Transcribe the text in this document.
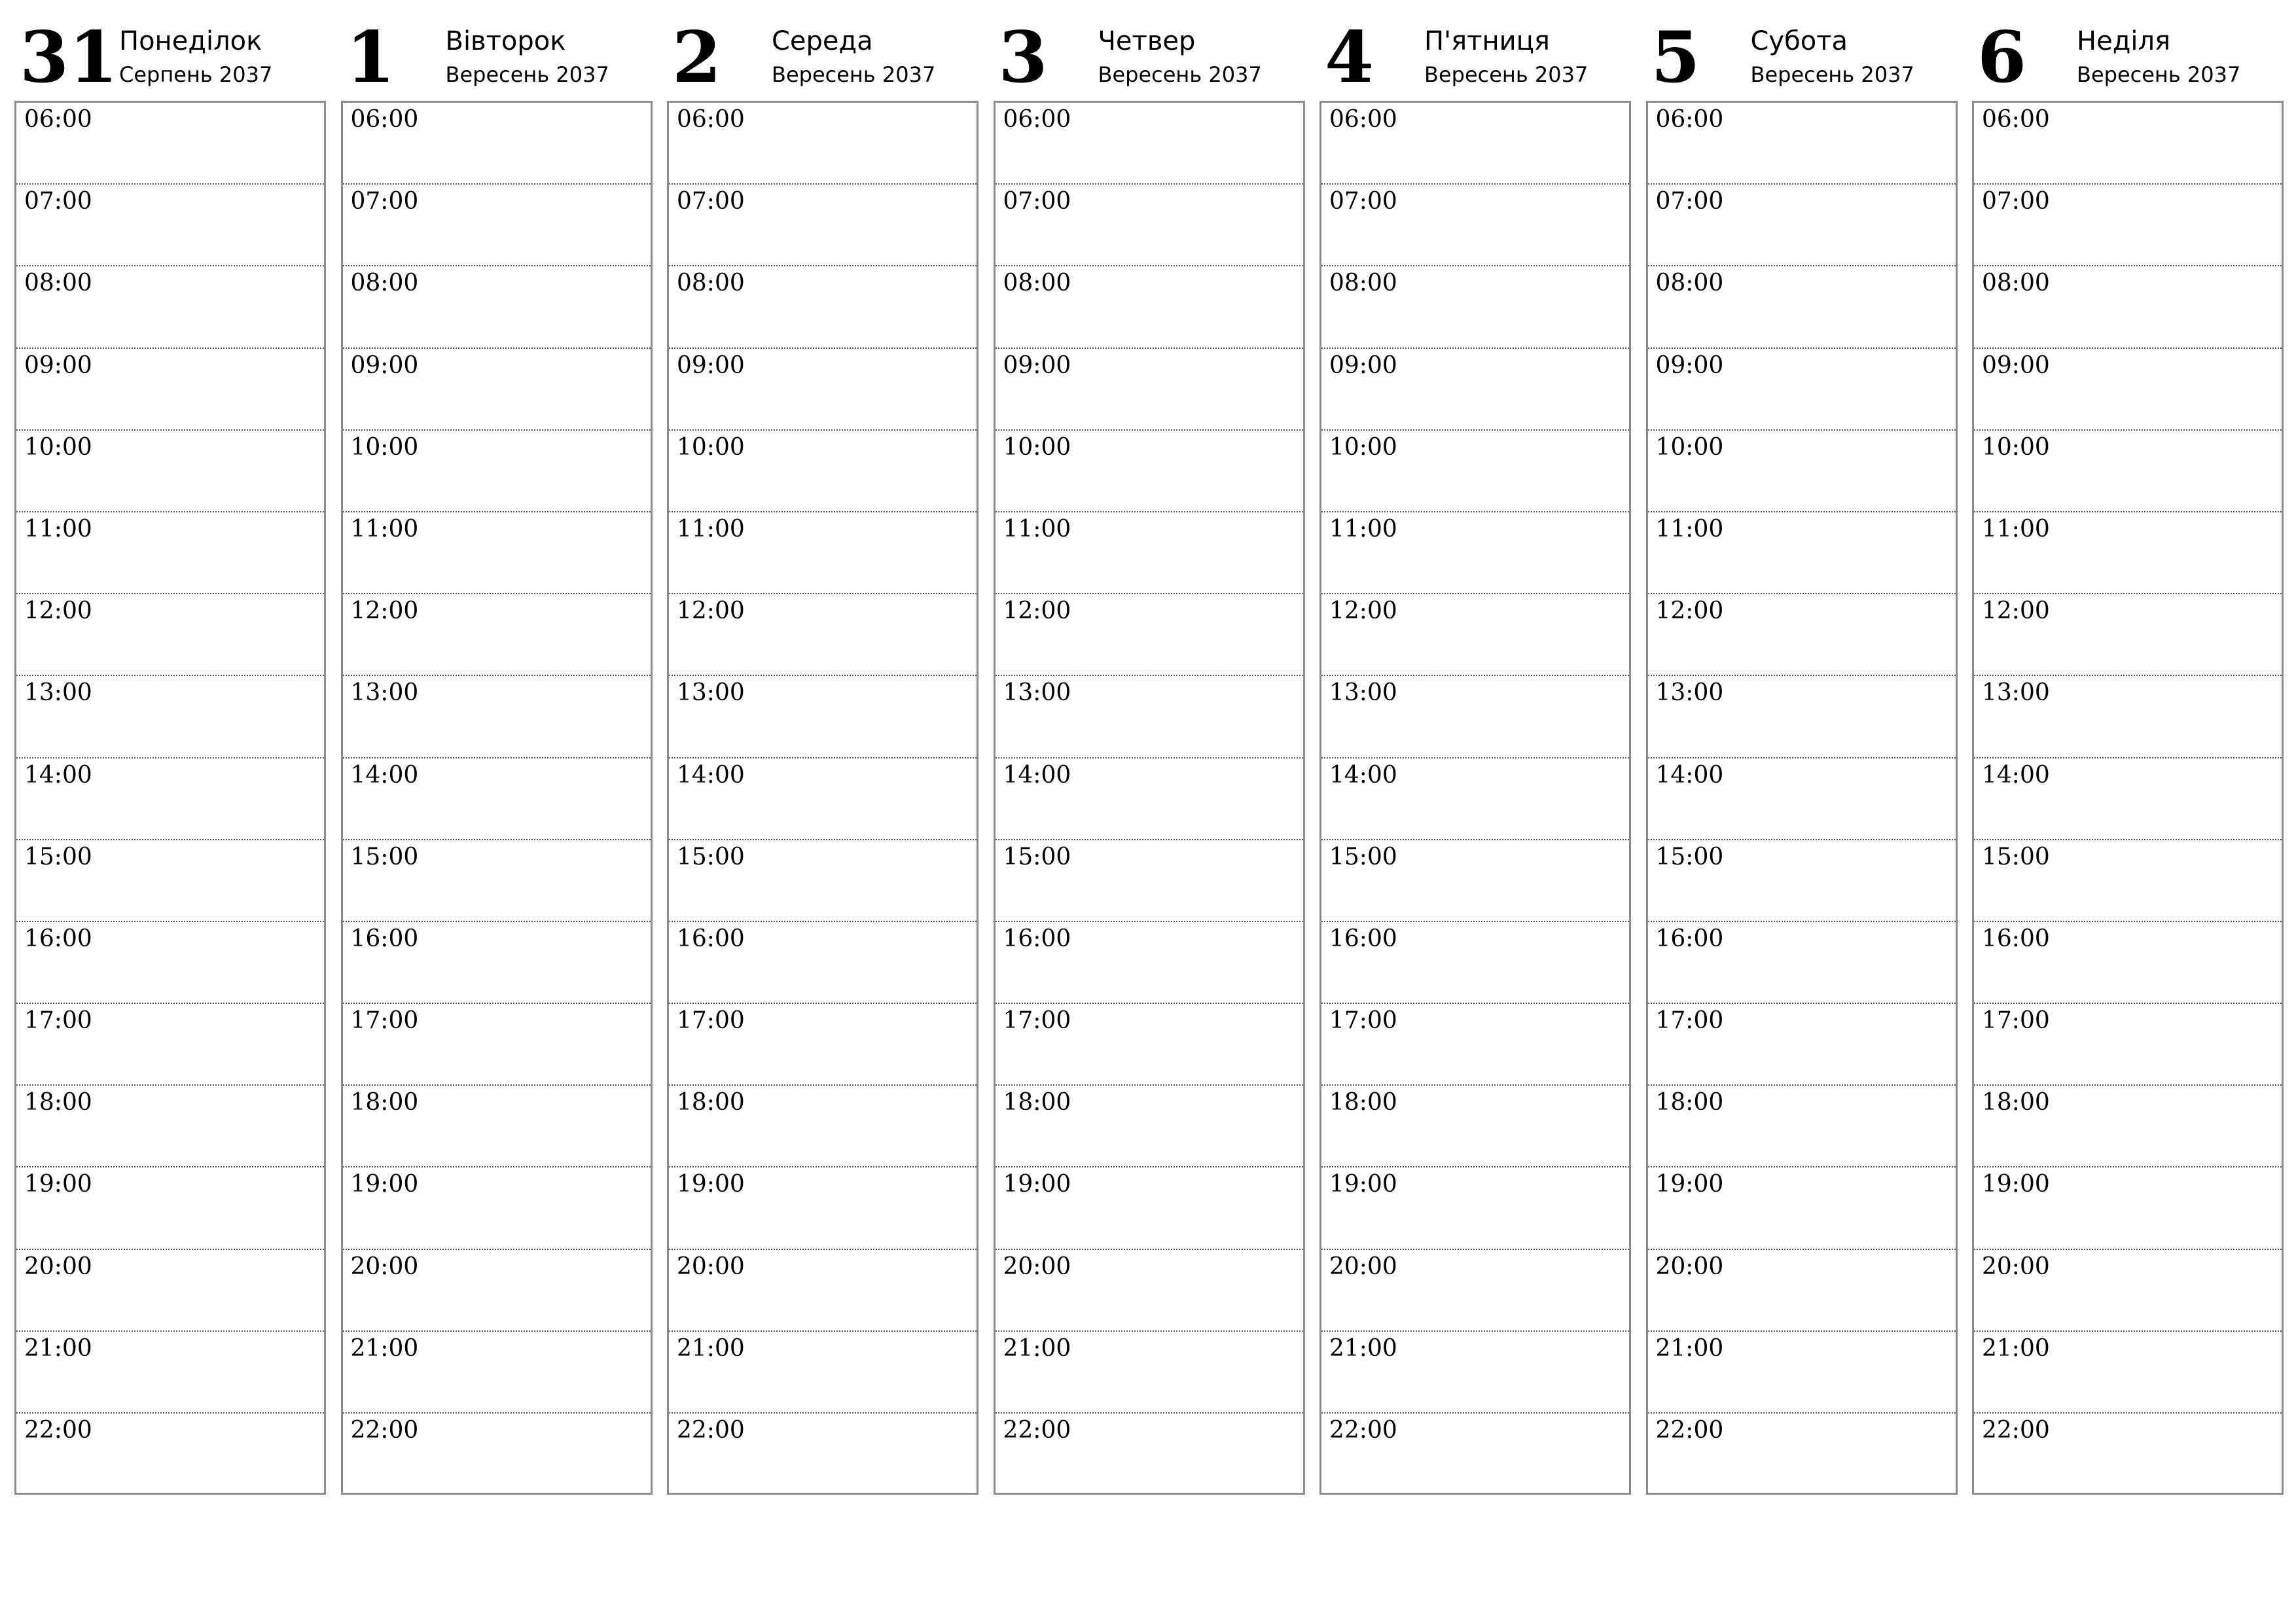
31 Понеділок
Серпень 2037
06:00
07:00
08:00
09:00
10:00
11:00
12:00
13:00
14:00
15:00
16:00
17:00
18:00
19:00
20:00
21:00
22:00
1 Вівторок
Вересень 2037
06:00
07:00
08:00
09:00
10:00
11:00
12:00
13:00
14:00
15:00
16:00
17:00
18:00
19:00
20:00
21:00
22:00
2 Середа
Вересень 2037
06:00
07:00
08:00
09:00
10:00
11:00
12:00
13:00
14:00
15:00
16:00
17:00
18:00
19:00
20:00
21:00
22:00
3 Четвер
Вересень 2037
06:00
07:00
08:00
09:00
10:00
11:00
12:00
13:00
14:00
15:00
16:00
17:00
18:00
19:00
20:00
21:00
22:00
4 П'ятниця
Вересень 2037
06:00
07:00
08:00
09:00
10:00
11:00
12:00
13:00
14:00
15:00
16:00
17:00
18:00
19:00
20:00
21:00
22:00
5 Субота
Вересень 2037
06:00
07:00
08:00
09:00
10:00
11:00
12:00
13:00
14:00
15:00
16:00
17:00
18:00
19:00
20:00
21:00
22:00
6 Неділя
Вересень 2037
06:00
07:00
08:00
09:00
10:00
11:00
12:00
13:00
14:00
15:00
16:00
17:00
18:00
19:00
20:00
21:00
22:00
